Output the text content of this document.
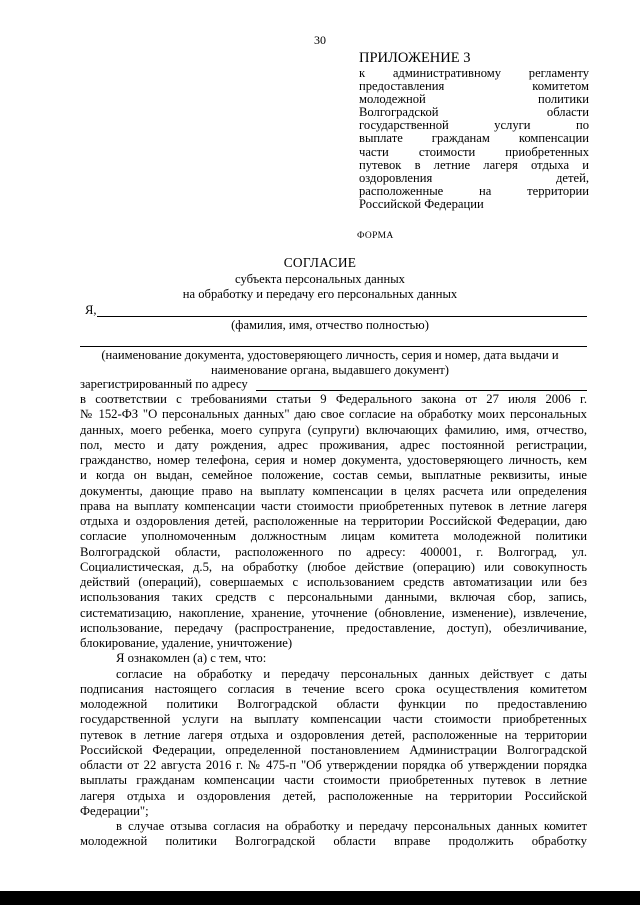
30
ПРИЛОЖЕНИЕ 3
к административному регламенту
предоставления комитетом
молодежной политики
Волгоградской области
государственной услуги по
выплате гражданам компенсации
части стоимости приобретенных
путевок в летние лагеря отдыха и
оздоровления детей,
расположенные на территории
Российской Федерации
ФОРМА
СОГЛАСИЕ
субъекта персональных данных
на обработку и передачу его персональных данных
Я,
(фамилия, имя, отчество полностью)
(наименование документа, удостоверяющего личность, серия и номер, дата выдачи и
наименование органа, выдавшего документ)
зарегистрированный по адресу
в соответствии с требованиями статьи 9 Федерального закона от 27 июля 2006 г.
№ 152-ФЗ "О персональных данных" даю свое согласие на обработку моих персональных
данных, моего ребенка, моего супруга (супруги) включающих фамилию, имя, отчество,
пол, место и дату рождения, адрес проживания, адрес постоянной регистрации,
гражданство, номер телефона, серия и номер документа, удостоверяющего личность, кем
и когда он выдан, семейное положение, состав семьи, выплатные реквизиты, иные
документы, дающие право на выплату компенсации в целях расчета или определения
права на выплату компенсации части стоимости приобретенных путевок в летние лагеря
отдыха и оздоровления детей, расположенные на территории Российской Федерации, даю
согласие уполномоченным должностным лицам комитета молодежной политики
Волгоградской области, расположенного по адресу: 400001, г. Волгоград, ул.
Социалистическая, д.5, на обработку (любое действие (операцию) или совокупность
действий (операций), совершаемых с использованием средств автоматизации или без
использования таких средств с персональными данными, включая сбор, запись,
систематизацию, накопление, хранение, уточнение (обновление, изменение), извлечение,
использование, передачу (распространение, предоставление, доступ), обезличивание,
блокирование, удаление, уничтожение)
Я ознакомлен (а) с тем, что:
согласие на обработку и передачу персональных данных действует с даты
подписания настоящего согласия в течение всего срока осуществления комитетом
молодежной политики Волгоградской области функции по предоставлению
государственной услуги на выплату компенсации части стоимости приобретенных
путевок в летние лагеря отдыха и оздоровления детей, расположенные на территории
Российской Федерации, определенной постановлением Администрации Волгоградской
области от 22 августа 2016 г. № 475-п "Об утверждении порядка об утверждении порядка
выплаты гражданам компенсации части стоимости приобретенных путевок в летние
лагеря отдыха и оздоровления детей, расположенные на территории Российской
Федерации";
в случае отзыва согласия на обработку и передачу персональных данных комитет
молодежной политики Волгоградской области вправе продолжить обработку
